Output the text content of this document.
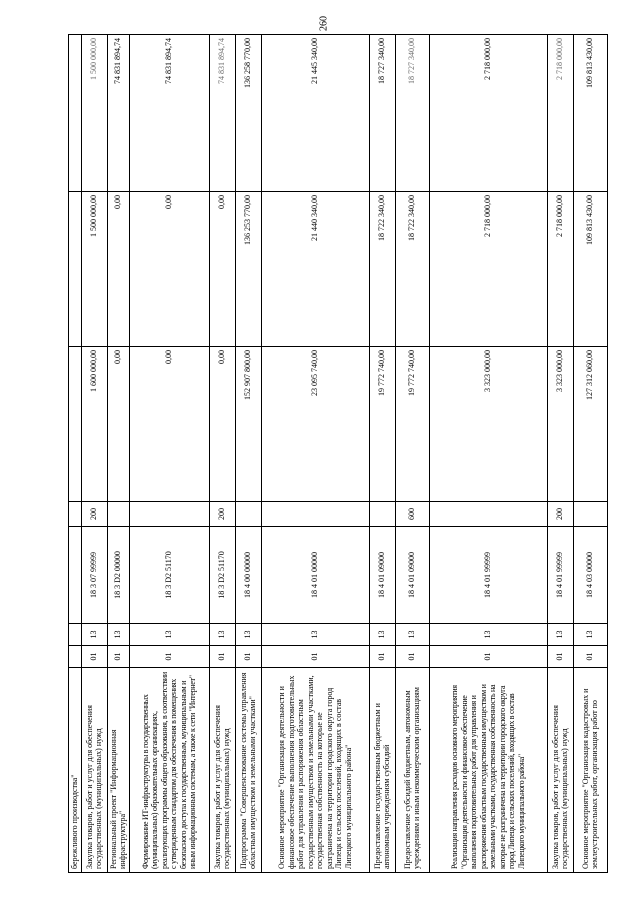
260
бережливого производства"							
Закупка товаров, работ и услуг для обеспечения государственных (муниципальных) нужд	01	13	18 3 07 99999	200	1 600 000,00	1 500 000,00	1 500 000,00
Региональный проект "Информационная инфраструктура"	01	13	18 3 D2 00000		0,00	0,00	74 831 894,74
Формирование ИТ-инфраструктуры в государственных (муниципальных) образовательных организациях, реализующих программы общего образования, в соответствии с утвержденным стандартом для обеспечения в помещениях безопасного доступа к государственным, муниципальным и иным информационным системам, а также к сети "Интернет"	01	13	18 3 D2 51170		0,00	0,00	74 831 894,74
Закупка товаров, работ и услуг для обеспечения государственных (муниципальных) нужд	01	13	18 3 D2 51170	200	0,00	0,00	74 831 894,74
Подпрограмма "Совершенствование системы управления областным имуществом и земельными участками"	01	13	18 4 00 00000		152 907 800,00	136 253 770,00	136 258 770,00
Основное мероприятие "Организация деятельности и финансовое обеспечение выполнения подготовительных работ для управления и распоряжения областным государственным имуществом и земельными участками, государственная собственность на которые не разграничена на территории городского округа город Липецк и сельских поселений, входящих в состав Липецкого муниципального района"	01	13	18 4 01 00000		23 095 740,00	21 440 340,00	21 445 340,00
Предоставление государственным бюджетным и автономным учреждениям субсидий	01	13	18 4 01 09000		19 772 740,00	18 722 340,00	18 727 340,00
Предоставление субсидий бюджетным, автономным учреждениям и иным некоммерческим организациям	01	13	18 4 01 09000	600	19 772 740,00	18 722 340,00	18 727 340,00
Реализация направления расходов основного мероприятия "Организация деятельности и финансовое обеспечение выполнения подготовительных работ для управления и распоряжения областным государственным имуществом и земельными участками, государственная собственность на которые не разграничена на территории городского округа город Липецк и сельских поселений, входящих в состав Липецкого муниципального района"	01	13	18 4 01 99999		3 323 000,00	2 718 000,00	2 718 000,00
Закупка товаров, работ и услуг для обеспечения государственных (муниципальных) нужд	01	13	18 4 01 99999	200	3 323 000,00	2 718 000,00	2 718 000,00
Основное мероприятие "Организация кадастровых и землеустроительных работ, организация работ по	01	13	18 4 03 00000		127 312 060,00	109 813 430,00	109 813 430,00
